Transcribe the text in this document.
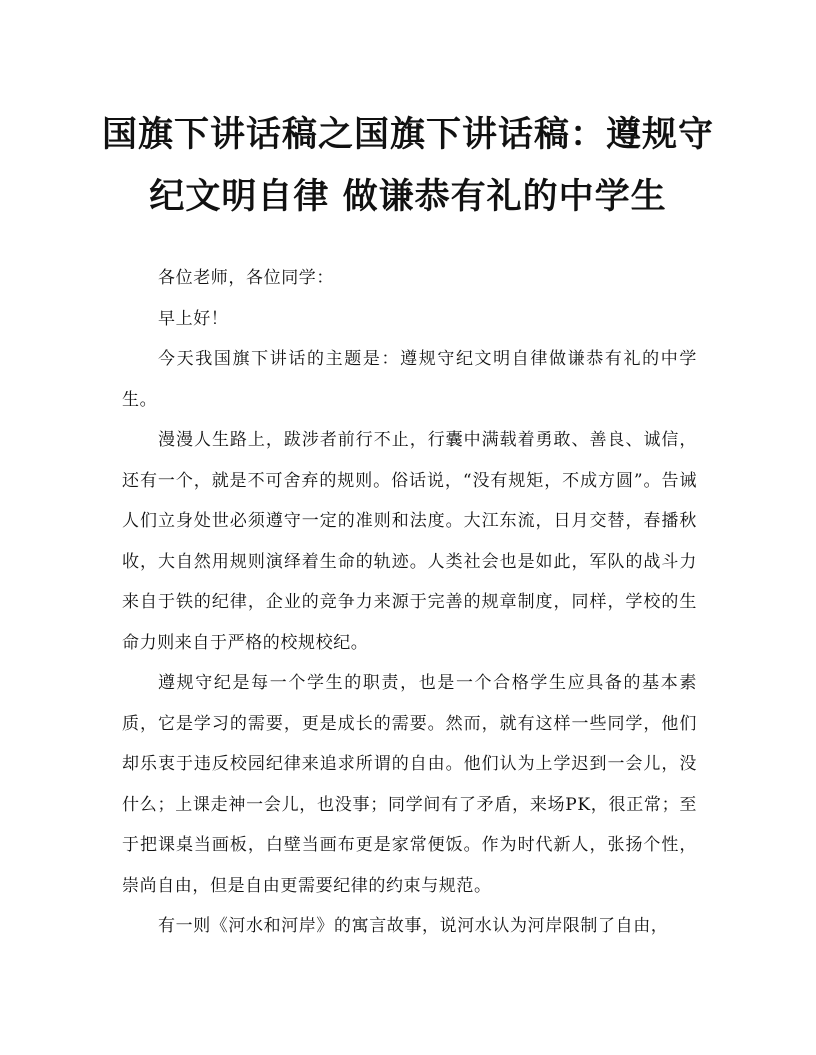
国旗下讲话稿之国旗下讲话稿：遵规守
纪文明自律 做谦恭有礼的中学生

各位老师，各位同学：

早上好！

今天我国旗下讲话的主题是：遵规守纪文明自律做谦恭有礼的中学生。

漫漫人生路上，跋涉者前行不止，行囊中满载着勇敢、善良、诚信，还有一个，就是不可舍弃的规则。俗话说，“没有规矩，不成方圆”。告诫人们立身处世必须遵守一定的准则和法度。大江东流，日月交替，春播秋收，大自然用规则演绎着生命的轨迹。人类社会也是如此，军队的战斗力来自于铁的纪律，企业的竞争力来源于完善的规章制度，同样，学校的生命力则来自于严格的校规校纪。

遵规守纪是每一个学生的职责，也是一个合格学生应具备的基本素质，它是学习的需要，更是成长的需要。然而，就有这样一些同学，他们却乐衷于违反校园纪律来追求所谓的自由。他们认为上学迟到一会儿，没什么；上课走神一会儿，也没事；同学间有了矛盾，来场PK，很正常；至于把课桌当画板，白壁当画布更是家常便饭。作为时代新人，张扬个性，崇尚自由，但是自由更需要纪律的约束与规范。

有一则《河水和河岸》的寓言故事，说河水认为河岸限制了自由，
